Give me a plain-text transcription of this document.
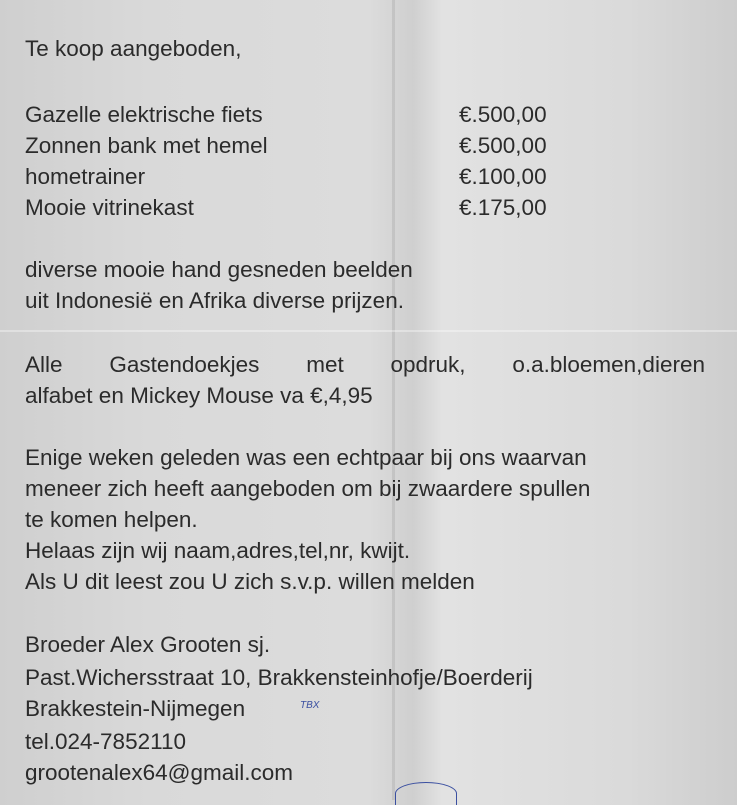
Te koop aangeboden,
Gazelle elektrische fiets	€.500,00
Zonnen bank met hemel	€.500,00
hometrainer	€.100,00
Mooie vitrinekast	€.175,00
diverse mooie hand gesneden beelden
uit Indonesië en Afrika diverse prijzen.
Alle Gastendoekjes met opdruk, o.a.bloemen,dieren
alfabet en Mickey Mouse va €,4,95
Enige weken geleden was een echtpaar bij ons waarvan
meneer zich heeft aangeboden om bij zwaardere spullen
te komen helpen.
Helaas zijn wij naam,adres,tel,nr, kwijt.
Als U dit leest zou U zich s.v.p. willen melden
Broeder Alex Grooten sj.
Past.Wichersstraat 10, Brakkensteinhofje/Boerderij
Brakkestein-Nijmegen	TBX
tel.024-7852110
grootenalex64@gmail.com
